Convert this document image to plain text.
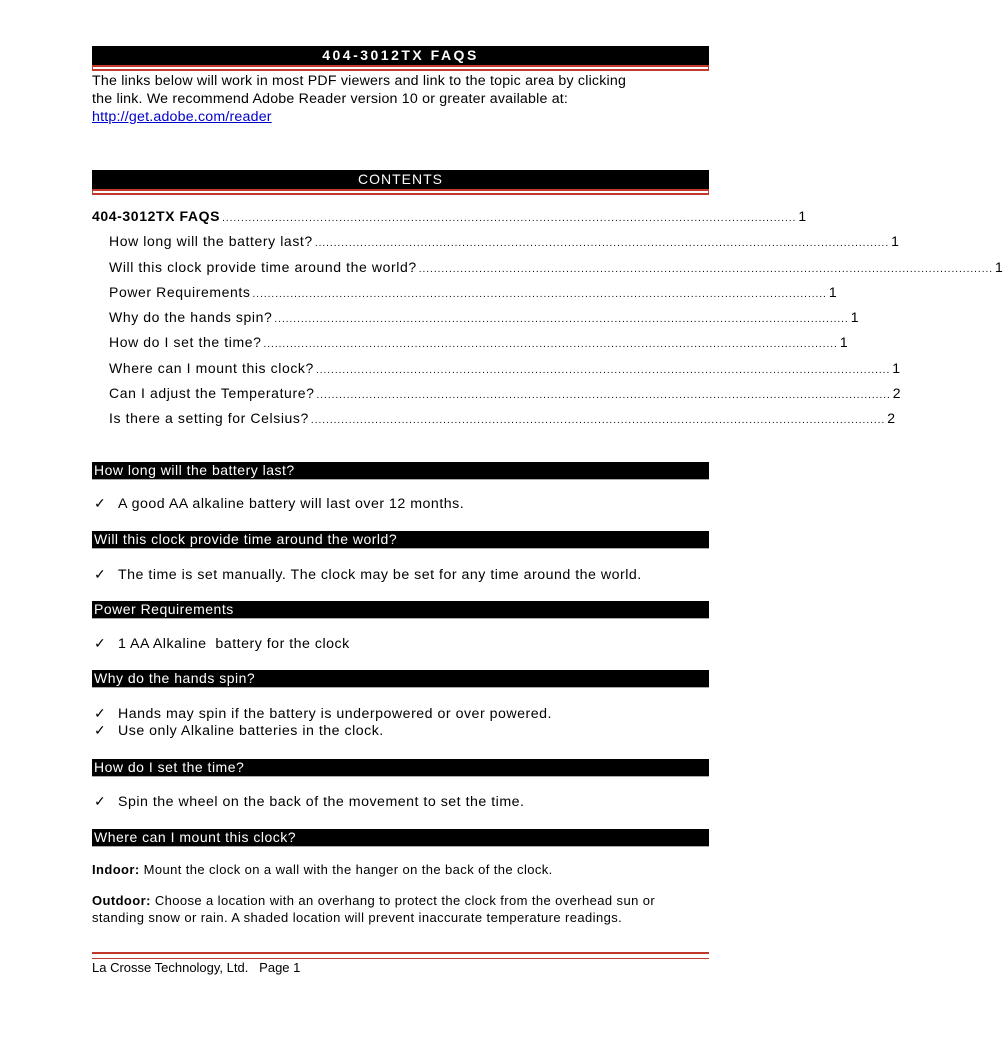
404-3012TX FAQS
The links below will work in most PDF viewers and link to the topic area by clicking
the link. We recommend Adobe Reader version 10 or greater available at:
http://get.adobe.com/reader
CONTENTS
404-3012TX FAQS ........................................................................................................................................................ 1
How long will the battery last? ........................................................................................................................................................ 1
Will this clock provide time around the world? ........................................................................................................................................................ 1
Power Requirements ........................................................................................................................................................ 1
Why do the hands spin? ........................................................................................................................................................ 1
How do I set the time? ........................................................................................................................................................ 1
Where can I mount this clock? ........................................................................................................................................................ 1
Can I adjust the Temperature? ........................................................................................................................................................ 2
Is there a setting for Celsius? ........................................................................................................................................................ 2
How long will the battery last?
✓ A good AA alkaline battery will last over 12 months.
Will this clock provide time around the world?
✓ The time is set manually. The clock may be set for any time around the world.
Power Requirements
✓ 1 AA Alkaline  battery for the clock
Why do the hands spin?
✓ Hands may spin if the battery is underpowered or over powered.
✓ Use only Alkaline batteries in the clock.
How do I set the time?
✓ Spin the wheel on the back of the movement to set the time.
Where can I mount this clock?
Indoor: Mount the clock on a wall with the hanger on the back of the clock.
Outdoor: Choose a location with an overhang to protect the clock from the overhead sun or
standing snow or rain. A shaded location will prevent inaccurate temperature readings.
La Crosse Technology, Ltd.   Page 1
